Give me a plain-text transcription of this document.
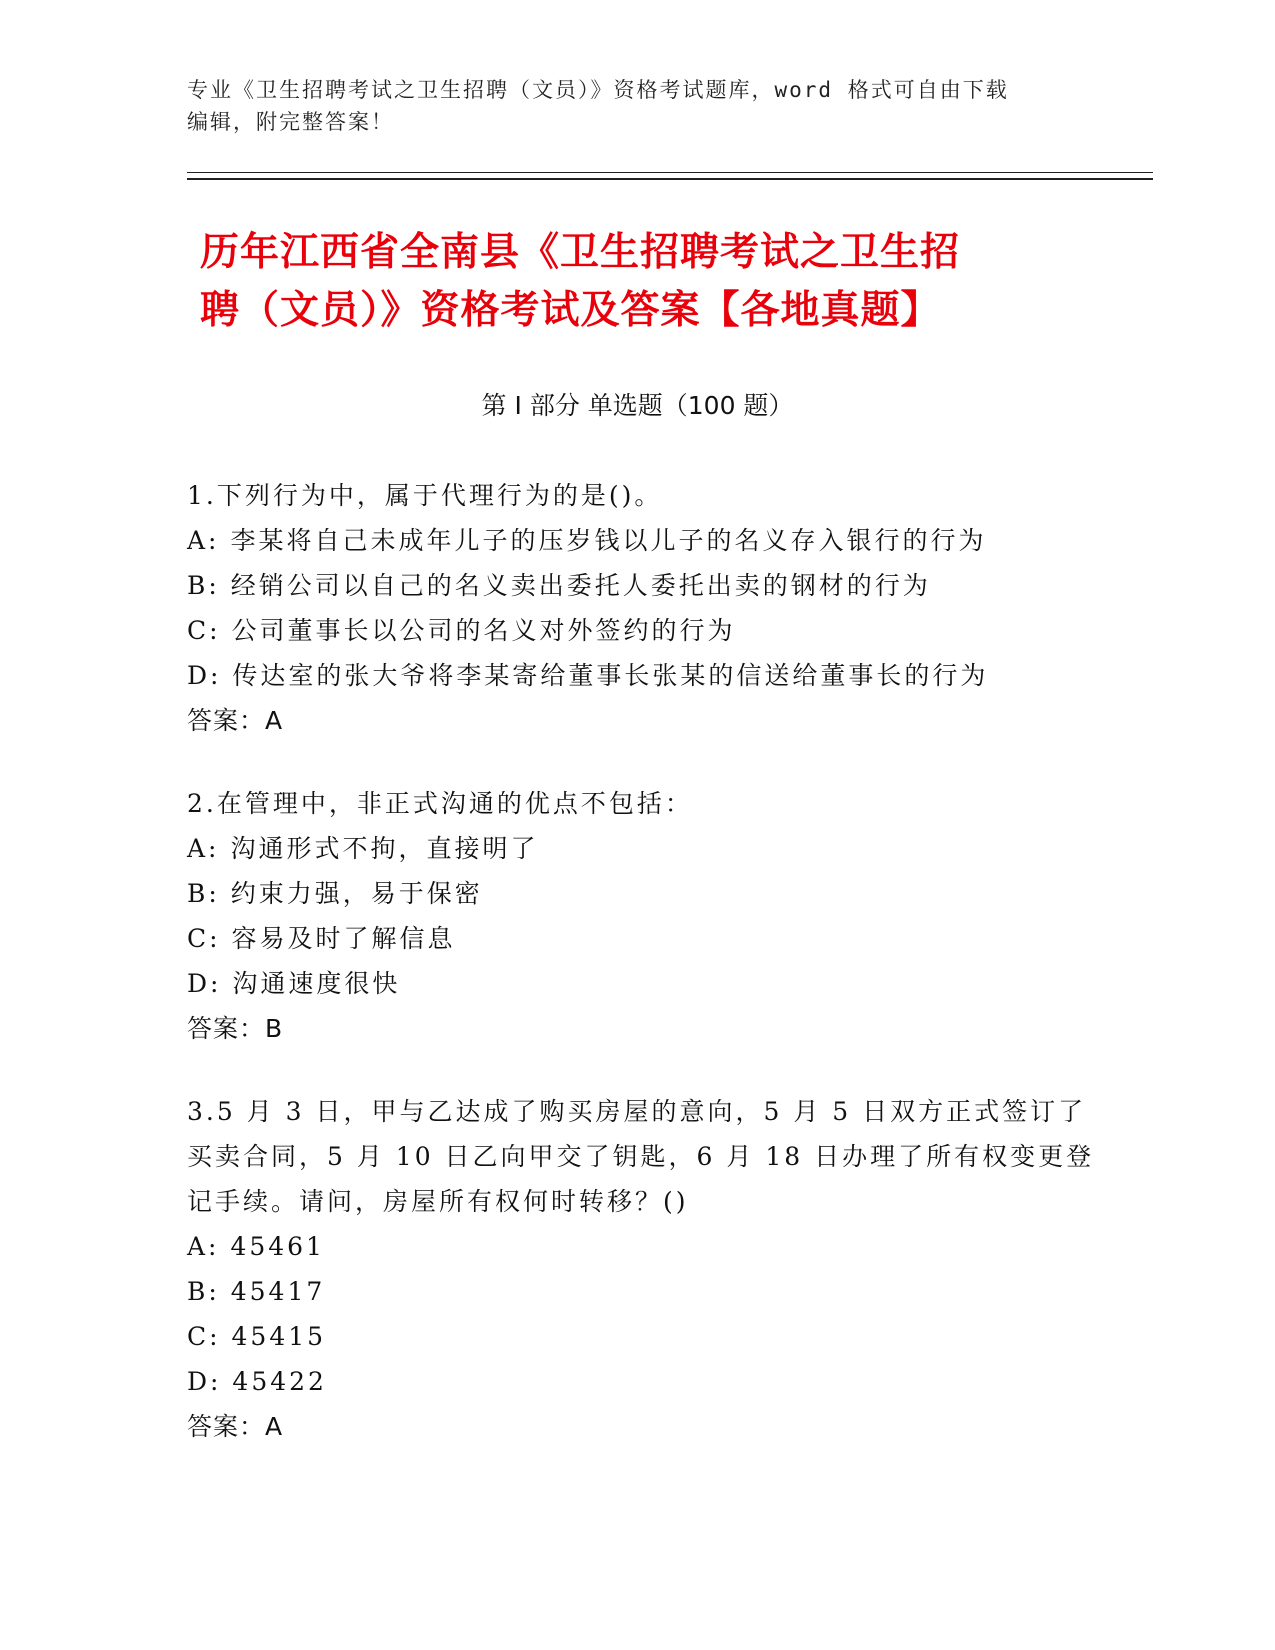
专业《卫生招聘考试之卫生招聘（文员）》资格考试题库，word 格式可自由下载
编辑，附完整答案！
历年江西省全南县《卫生招聘考试之卫生招
聘（文员）》资格考试及答案【各地真题】
第 I 部分 单选题（100 题）
1.下列行为中，属于代理行为的是()。
A: 李某将自己未成年儿子的压岁钱以儿子的名义存入银行的行为
B: 经销公司以自己的名义卖出委托人委托出卖的钢材的行为
C: 公司董事长以公司的名义对外签约的行为
D: 传达室的张大爷将李某寄给董事长张某的信送给董事长的行为
答案：A
2.在管理中，非正式沟通的优点不包括：
A: 沟通形式不拘，直接明了
B: 约束力强，易于保密
C: 容易及时了解信息
D: 沟通速度很快
答案：B
3.5 月 3 日，甲与乙达成了购买房屋的意向，5 月 5 日双方正式签订了
买卖合同，5 月 10 日乙向甲交了钥匙，6 月 18 日办理了所有权变更登
记手续。请问，房屋所有权何时转移？()
A: 45461
B: 45417
C: 45415
D: 45422
答案：A
